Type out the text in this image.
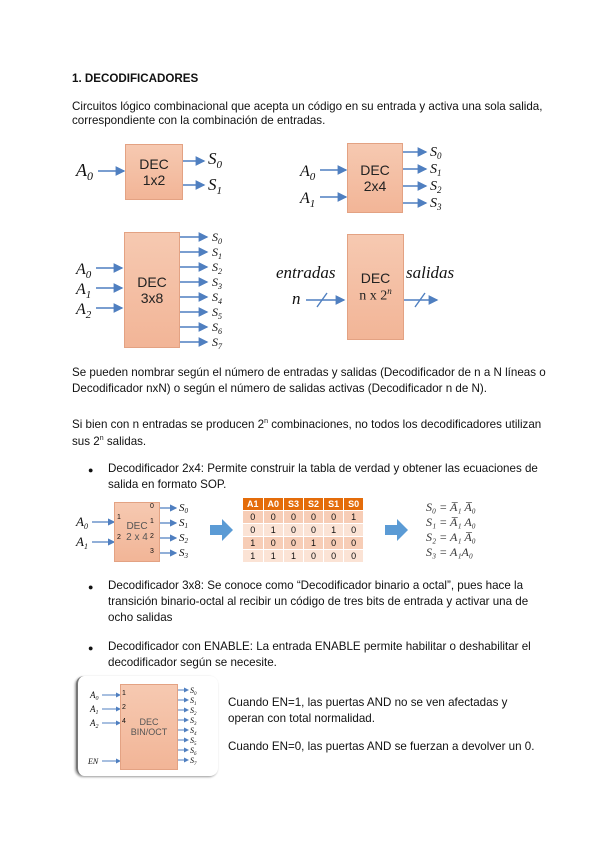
1. DECODIFICADORES
Circuitos lógico combinacional que acepta un código en su entrada y activa una sola salida,
correspondiente con la combinación de entradas.
$A_0$
$S_0$
$S_1$
DEC
1x2	$A_0$
$A_1$
$S_0$
$S_1$
$S_2$
$S_3$
DEC
2x4
$A_0$
$A_1$
$A_2$
$S_0$
$S_1$
$S_2$
$S_3$
$S_4$
$S_5$
$S_6$
$S_7$
DEC
3x8
entradas
n
salidas
DEC
n x 2$^n$
Se pueden nombrar según el número de entradas y salidas (Decodificador de n a N líneas o
Decodificador nxN) o según el número de salidas activas (Decodificador n de N).
Si bien con n entradas se producen 2$^n$ combinaciones, no todos los decodificadores utilizan
sus 2$^n$ salidas.
● Decodificador 2x4: Permite construir la tabla de verdad y obtener las ecuaciones de
salida en formato SOP.
$A_0$
$A_1$
S0
S1
S2
S3
DEC
2 x 4
1
2
0
1
2
3
A1	A0	S3	S2	S1	S0
0	0	0	0	0	1
0	1	0	0	1	0
1	0	0	1	0	0
1	1	1	0	0	0
S₀ = A̅₁ A̅₀
S₁ = A̅₁ A₀
S₂ = A₁ A̅₀
S₃ = A₁A₀
● Decodificador 3x8: Se conoce como “Decodificador binario a octal”, pues hace la
transición binario-octal al recibir un código de tres bits de entrada y activar una de
ocho salidas
● Decodificador con ENABLE: La entrada ENABLE permite habilitar o deshabilitar el
decodificador según se necesite.
$A_0$
$A_1$
$A_2$
EN
$S_0$
$S_1$
$S_2$
$S_3$
$S_4$
$S_5$
$S_6$
$S_7$
DEC
BIN/OCT
1
2
4
Cuando EN=1, las puertas AND no se ven afectadas y
operan con total normalidad.
Cuando EN=0, las puertas AND se fuerzan a devolver un 0.
